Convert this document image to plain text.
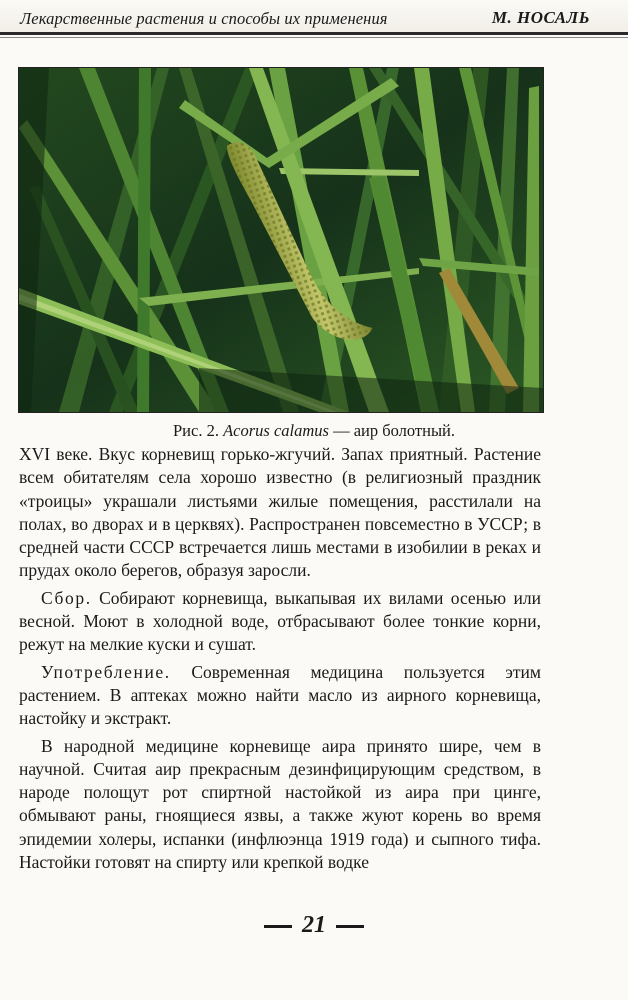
Лекарственные растения и способы их применения	М. НОСАЛЬ
Рис. 2. Acorus calamus — аир болотный.

XVI веке. Вкус корневищ горько-жгучий. Запах приятный. Растение всем обитателям села хорошо известно (в религиозный праздник «троицы» украшали листьями жилые помещения, расстилали на полах, во дворах и в церквях). Распространен повсеместно в УССР; в средней части СССР встречается лишь местами в изобилии в реках и прудах около берегов, образуя заросли.

Сбор. Собирают корневища, выкапывая их вилами осенью или весной. Моют в холодной воде, отбрасывают более тонкие корни, режут на мелкие куски и сушат.

Употребление. Современная медицина пользуется этим растением. В аптеках можно найти масло из аирного корневища, настойку и экстракт.

В народной медицине корневище аира принято шире, чем в научной. Считая аир прекрасным дезинфицирующим средством, в народе полощут рот спиртной настойкой из аира при цинге, обмывают раны, гноящиеся язвы, а также жуют корень во время эпидемии холеры, испанки (инфлюэнца 1919 года) и сыпного тифа. Настойки готовят на спирту или крепкой водке

21
